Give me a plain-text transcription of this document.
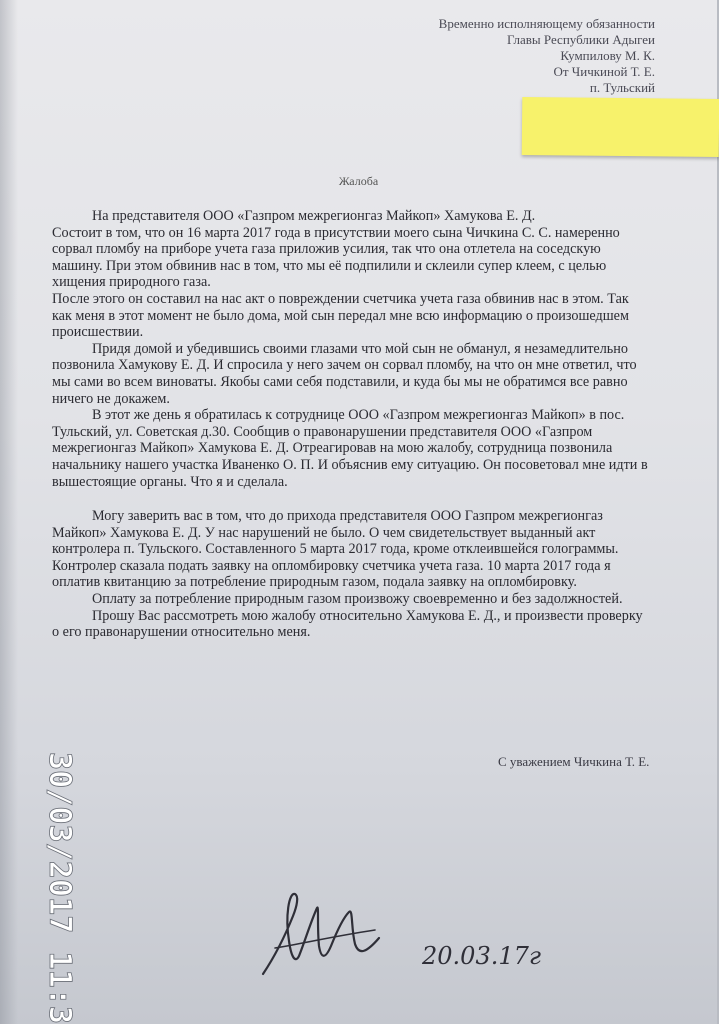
Временно исполняющему обязанности
Главы Республики Адыгеи
Кумпилову М. К.
От Чичкиной Т. Е.
п. Тульский
Жалоба

На представителя ООО «Газпром межрегионгаз Майкоп» Хамукова Е. Д.

Состоит в том, что он 16 марта 2017 года в присутствии моего сына Чичкина С. С. намеренно сорвал пломбу на приборе учета газа приложив усилия, так что она отлетела на соседскую машину. При этом обвинив нас в том, что мы её подпилили и склеили супер клеем, с целью хищения природного газа.

После этого он составил на нас акт о повреждении счетчика учета газа обвинив нас в этом. Так как меня в этот момент не было дома, мой сын передал мне всю информацию о произошедшем происшествии.

Придя домой и убедившись своими глазами что мой сын не обманул, я незамедлительно позвонила Хамукову Е. Д. И спросила у него зачем он сорвал пломбу, на что он мне ответил, что мы сами во всем виноваты. Якобы сами себя подставили, и куда бы мы не обратимся все равно ничего не докажем.

В этот же день я обратилась к сотруднице ООО «Газпром межрегионгаз Майкоп» в пос. Тульский, ул. Советская д.30. Сообщив о правонарушении представителя ООО «Газпром межрегионгаз Майкоп» Хамукова Е. Д. Отреагировав на мою жалобу, сотрудница позвонила начальнику нашего участка Иваненко О. П. И объяснив ему ситуацию. Он посоветовал мне идти в вышестоящие органы. Что я и сделала.

Могу заверить вас в том, что до прихода представителя ООО Газпром межрегионгаз Майкоп» Хамукова Е. Д. У нас нарушений не было. О чем свидетельствует выданный акт контролера п. Тульского. Составленного 5 марта 2017 года, кроме отклеившейся голограммы. Контролер сказала подать заявку на опломбировку счетчика учета газа. 10 марта 2017 года я оплатив квитанцию за потребление природным газом, подала заявку на опломбировку.

Оплату за потребление природным газом произвожу своевременно и без задолжностей.

Прошу Вас рассмотреть мою жалобу относительно Хамукова Е. Д., и произвести проверку о его правонарушении относительно меня.

С уважением Чичкина Т. Е.
20.03.17г
30/03/2017 11:3
